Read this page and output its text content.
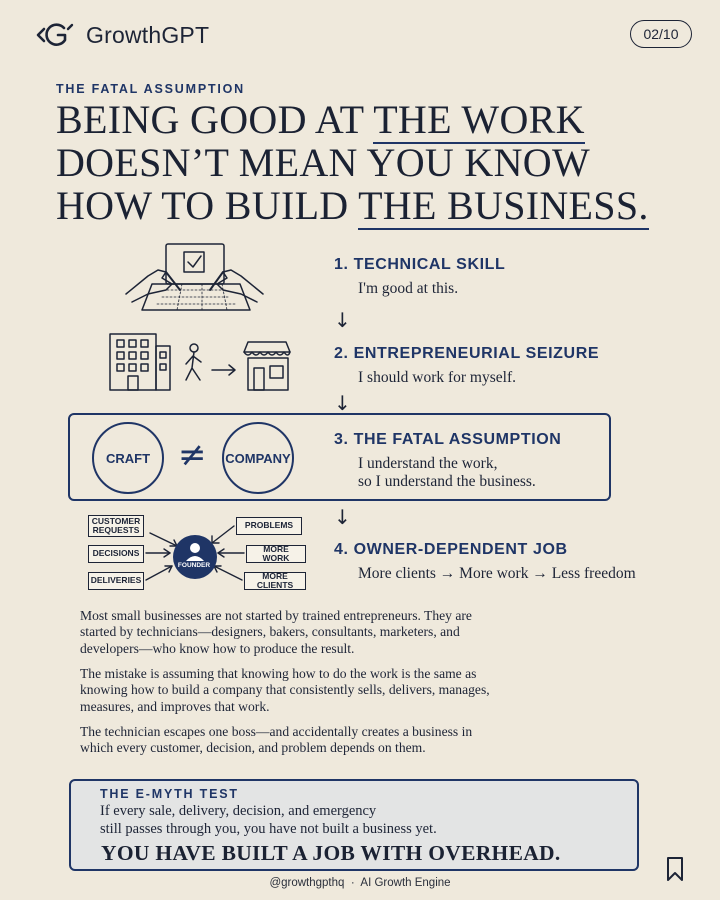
GrowthGPT	02/10
THE FATAL ASSUMPTION
BEING GOOD AT THE WORK
DOESN’T MEAN YOU KNOW
HOW TO BUILD THE BUSINESS.
1. TECHNICAL SKILL
I'm good at this.
↓
2. ENTREPRENEURIAL SEIZURE
I should work for myself.
↓
CRAFT ≠ COMPANY
3. THE FATAL ASSUMPTION
I understand the work,
so I understand the business.
↓
CUSTOMER REQUESTS
DECISIONS
DELIVERIES
PROBLEMS
MORE WORK
MORE CLIENTS
FOUNDER
4. OWNER-DEPENDENT JOB
More clients → More work → Less freedom

Most small businesses are not started by trained entrepreneurs. They are started by technicians—designers, bakers, consultants, marketers, and developers—who know how to produce the result.

The mistake is assuming that knowing how to do the work is the same as knowing how to build a company that consistently sells, delivers, manages, measures, and improves that work.

The technician escapes one boss—and accidentally creates a business in which every customer, decision, and problem depends on them.

THE E-MYTH TEST
If every sale, delivery, decision, and emergency
still passes through you, you have not built a business yet.
YOU HAVE BUILT A JOB WITH OVERHEAD.
@growthgpthq · AI Growth Engine
